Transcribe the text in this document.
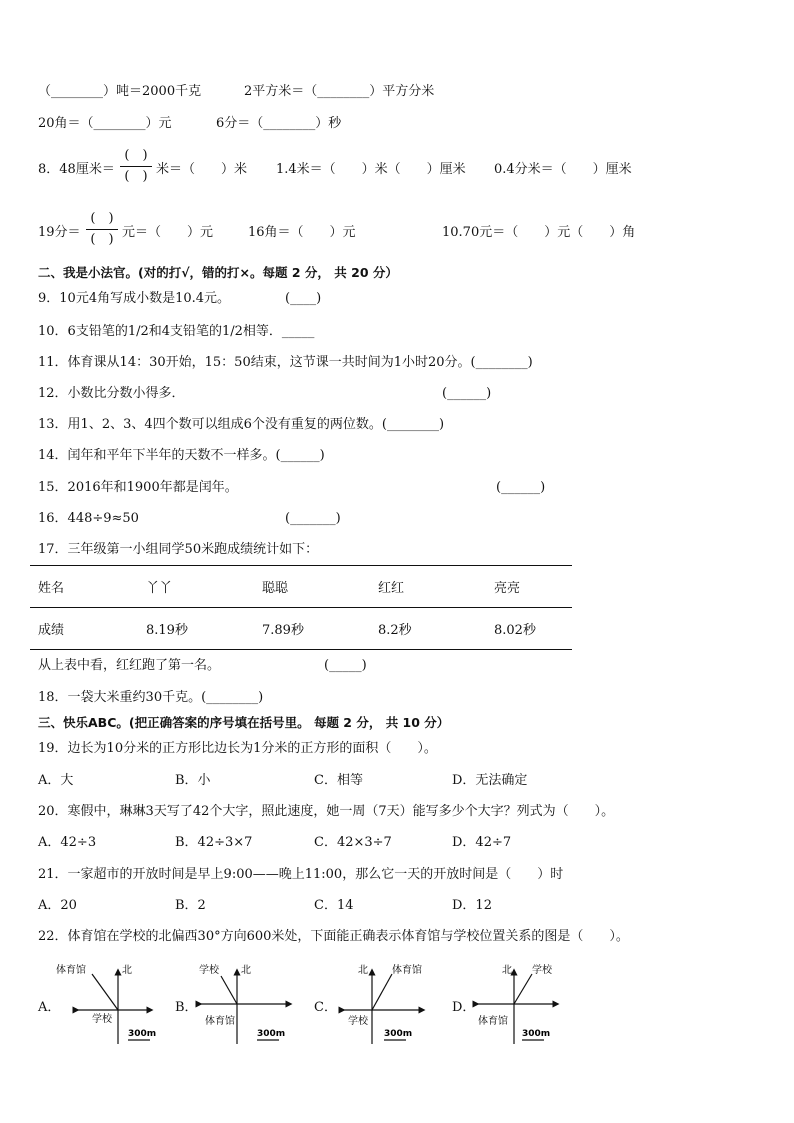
（________）吨＝2000千克	2平方米＝（________）平方分米
20角＝（________）元	6分＝（________）秒
8．48厘米＝
(　)
(　) 米＝（　　）米 1.4米＝（　　）米（　　）厘米 0.4分米＝（　　）厘米
19分＝
(　)
(　) 元＝（　　）元	16角＝（　　）元	10.70元＝（　　）元（　　）角
二、我是小法官。(对的打√，错的打×。每题 2 分， 共 20 分）
9．10元4角写成小数是10.4元。	(____)
10．6支铅笔的1/2和4支铅笔的1/2相等．_____
11．体育课从14：30开始，15：50结束，这节课一共时间为1小时20分。(________)
12．小数比分数小得多．	(______)
13．用1、2、3、4四个数可以组成6个没有重复的两位数。(________)
14．闰年和平年下半年的天数不一样多。(______)
15．2016年和1900年都是闰年。	(______)
16．448÷9≈50	(_______)
17．三年级第一小组同学50米跑成绩统计如下：
姓名	丫丫	聪聪	红红	亮亮
成绩	8.19秒	7.89秒	8.2秒	8.02秒
从上表中看，红红跑了第一名。	(_____)
18．一袋大米重约30千克。(________)
三、快乐ABC。(把正确答案的序号填在括号里。 每题 2 分， 共 10 分）
19．边长为10分米的正方形比边长为1分米的正方形的面积（　　）。
A．大	B．小	C．相等	D．无法确定
20．寒假中，琳琳3天写了42个大字，照此速度，她一周（7天）能写多少个大字？列式为（　　）。
A．42÷3	B．42÷3×7	C．42×3÷7	D．42÷7
21．一家超市的开放时间是早上9:00——晚上11:00，那么它一天的开放时间是（　　）时
A．20	B．2	C．14	D．12
22．体育馆在学校的北偏西30°方向600米处，下面能正确表示体育馆与学校位置关系的图是（　　）。
A．	B．	C．	D．
北
体育馆
学校
300m
北
学校
体育馆
300m
北 体育馆
学校
300m
北 学校
体育馆
300m
